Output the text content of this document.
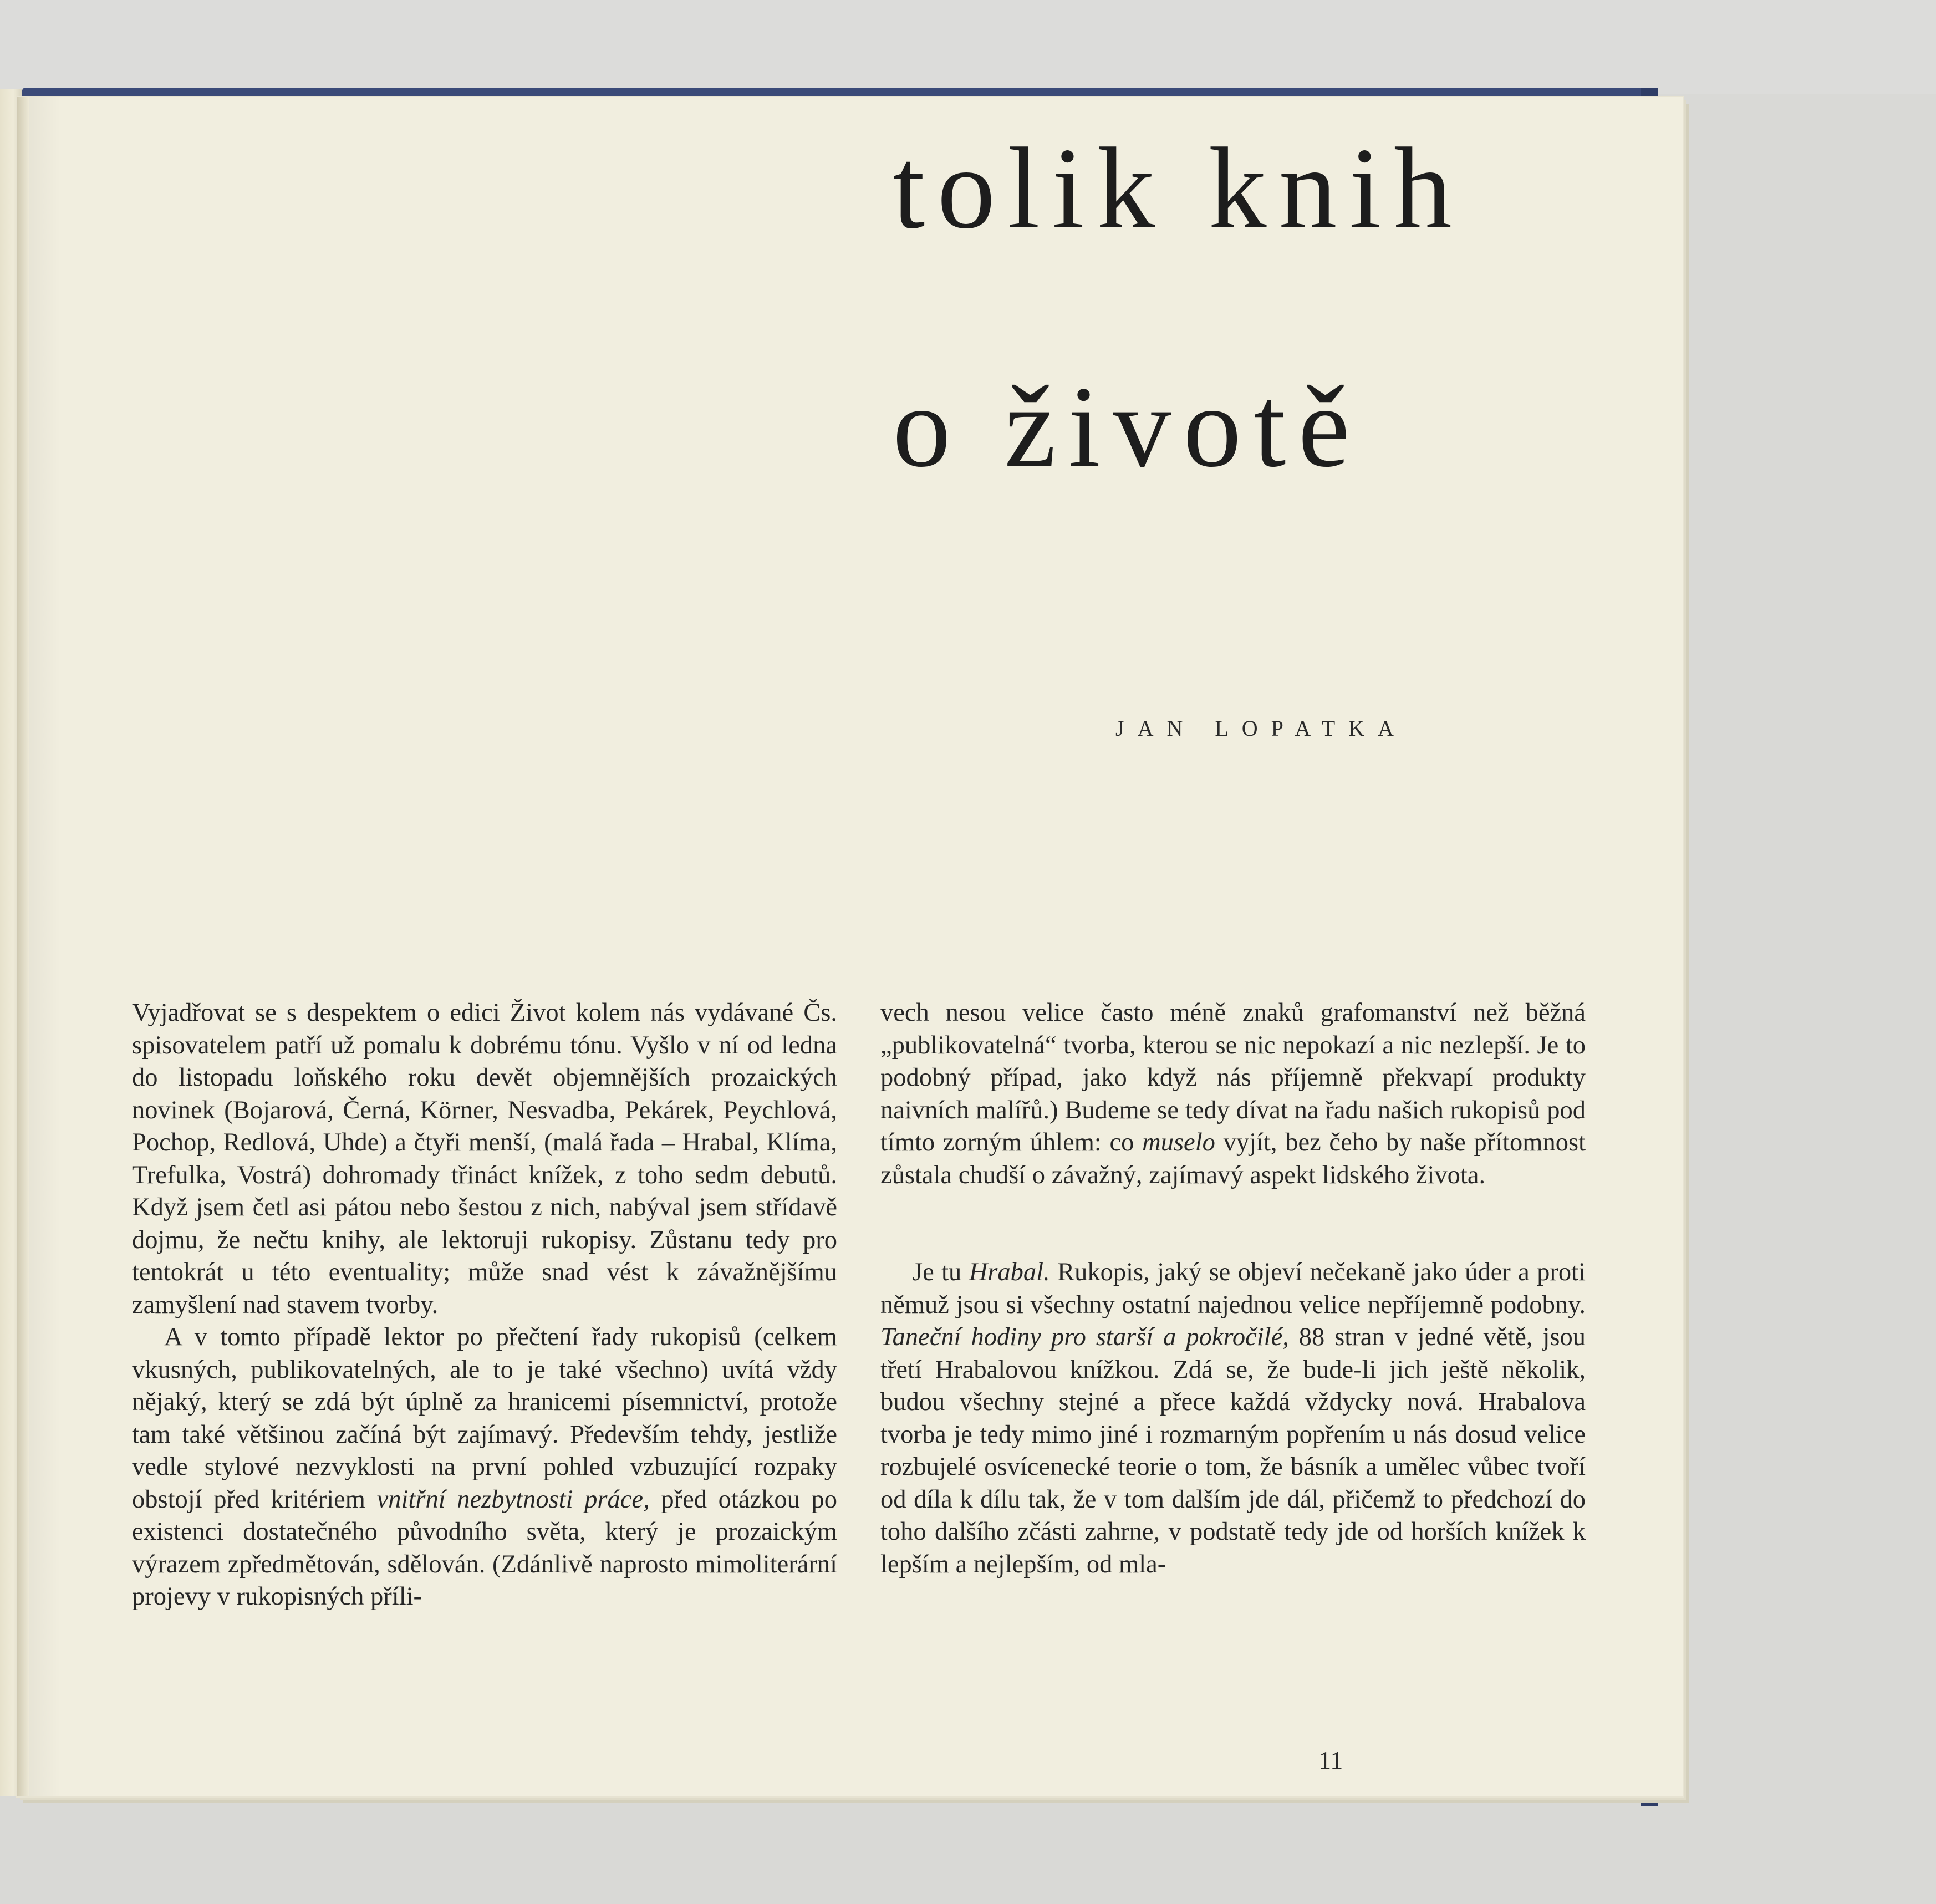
tolik knih
o životě
JAN LOPATKA

Vyjadřovat se s despektem o edici Život kolem nás vydávané Čs. spisovatelem patří už pomalu k dobrému tónu. Vyšlo v ní od ledna do listopadu loňského roku devět objemnějších prozaických novinek (Bojarová, Černá, Körner, Nesvadba, Pekárek, Peychlová, Pochop, Redlová, Uhde) a čtyři menší, (malá řada – Hrabal, Klíma, Trefulka, Vostrá) dohromady třináct knížek, z toho sedm debutů. Když jsem četl asi pátou nebo šestou z nich, nabýval jsem střídavě dojmu, že nečtu knihy, ale lektoruji rukopisy. Zůstanu tedy pro tentokrát u této eventuality; může snad vést k závažnějšímu zamyšlení nad stavem tvorby.

A v tomto případě lektor po přečtení řady rukopisů (celkem vkusných, publikovatelných, ale to je také všechno) uvítá vždy nějaký, který se zdá být úplně za hranicemi písemnictví, protože tam také většinou začíná být zajímavý. Především tehdy, jestliže vedle stylové nezvyklosti na první pohled vzbuzující rozpaky obstojí před kritériem vnitřní nezbytnosti práce, před otázkou po existenci dostatečného původního světa, který je prozaickým výrazem zpředmětován, sdělován. (Zdánlivě naprosto mimoliterární projevy v rukopisných příli-

vech nesou velice často méně znaků grafomanství než běžná „publikovatelná“ tvorba, kterou se nic nepokazí a nic nezlepší. Je to podobný případ, jako když nás příjemně překvapí produkty naivních malířů.) Budeme se tedy dívat na řadu našich rukopisů pod tímto zorným úhlem: co muselo vyjít, bez čeho by naše přítomnost zůstala chudší o závažný, zajímavý aspekt lidského života.

Je tu Hrabal. Rukopis, jaký se objeví nečekaně jako úder a proti němuž jsou si všechny ostatní najednou velice nepříjemně podobny. Taneční hodiny pro starší a pokročilé, 88 stran v jedné větě, jsou třetí Hrabalovou knížkou. Zdá se, že bude-li jich ještě několik, budou všechny stejné a přece každá vždycky nová. Hrabalova tvorba je tedy mimo jiné i rozmarným popřením u nás dosud velice rozbujelé osvícenecké teorie o tom, že básník a umělec vůbec tvoří od díla k dílu tak, že v tom dalším jde dál, přičemž to předchozí do toho dalšího zčásti zahrne, v podstatě tedy jde od horších knížek k lepším a nejlepším, od mla-

11
